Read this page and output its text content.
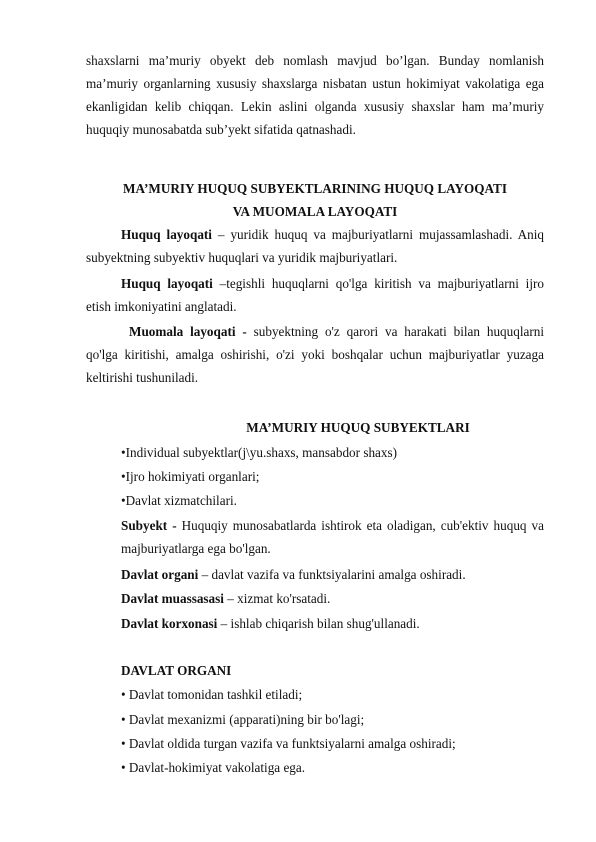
shaxslarni ma’muriy obyekt deb nomlash mavjud bo’lgan. Bunday nomlanish ma’muriy organlarning xususiy shaxslarga nisbatan ustun hokimiyat vakolatiga ega ekanligidan kelib chiqqan. Lekin aslini olganda xususiy shaxslar ham ma’muriy huquqiy munosabatda sub’yekt sifatida qatnashadi.

MA’MURIY HUQUQ SUBYEKTLARINING HUQUQ LAYOQATI

VA MUOMALA LAYOQATI

Huquq layoqati – yuridik huquq va majburiyatlarni mujassamlashadi. Aniq subyektning subyektiv huquqlari va yuridik majburiyatlari.

Huquq layoqati –tegishli huquqlarni qo'lga kiritish va majburiyatlarni ijro etish imkoniyatini anglatadi.

Muomala layoqati - subyektning o'z qarori va harakati bilan huquqlarni qo'lga kiritishi, amalga oshirishi, o'zi yoki boshqalar uchun majburiyatlar yuzaga keltirishi tushuniladi.

MA’MURIY HUQUQ SUBYEKTLARI

•Individual subyektlar(j\yu.shaxs, mansabdor shaxs)

•Ijro hokimiyati organlari;

•Davlat xizmatchilari.

Subyekt - Huquqiy munosabatlarda ishtirok eta oladigan, cub'ektiv huquq va majburiyatlarga ega bo'lgan.

Davlat organi – davlat vazifa va funktsiyalarini amalga oshiradi.

Davlat muassasasi – xizmat ko'rsatadi.

Davlat korxonasi – ishlab chiqarish bilan shug'ullanadi.

DAVLAT ORGANI

• Davlat tomonidan tashkil etiladi;

• Davlat mexanizmi (apparati)ning bir bo'lagi;

• Davlat oldida turgan vazifa va funktsiyalarni amalga oshiradi;

• Davlat-hokimiyat vakolatiga ega.
